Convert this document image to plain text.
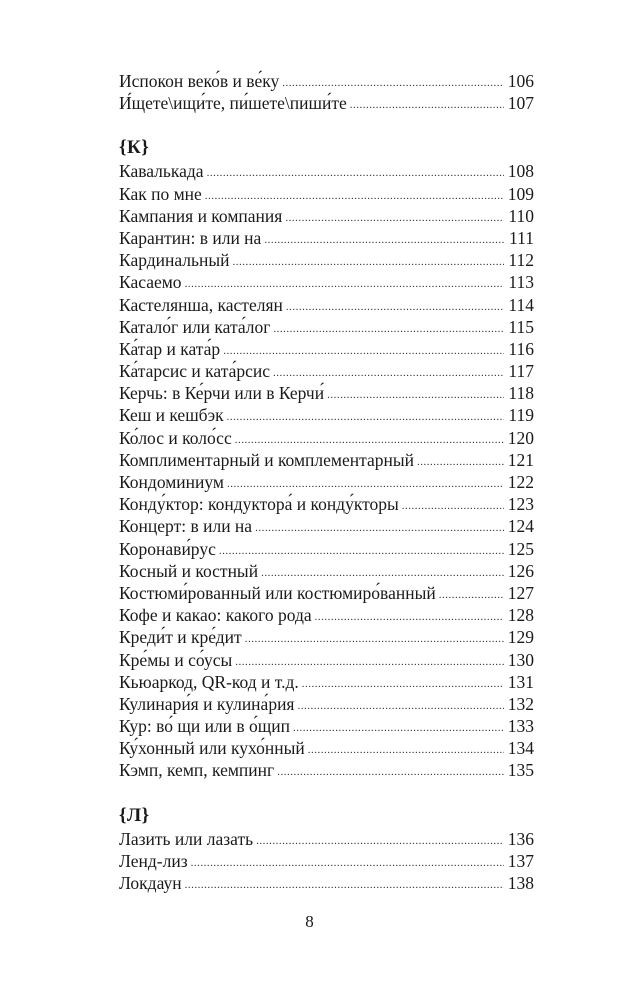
Испокон веко́в и ве́ку .....	106
И́щете\ищи́те, пи́шете\пиши́те .....	107
{К}
Кавалькада .....	108
Как по мне .....	109
Кампания и компания .....	110
Карантин: в или на .....	111
Кардинальный .....	112
Касаемо .....	113
Кастелянша, кастелян .....	114
Катало́г или ката́лог .....	115
Ка́тар и ката́р .....	116
Ка́тарсис и ката́рсис .....	117
Керчь: в Ке́рчи или в Керчи́ .....	118
Кеш и кешбэк .....	119
Ко́лос и коло́сс .....	120
Комплиментарный и комплементарный .....	121
Кондоминиум .....	122
Конду́ктор: кондуктора́ и конду́кторы .....	123
Концерт: в или на .....	124
Коронави́рус .....	125
Косный и костный .....	126
Костюми́рованный или костюмиро́ванный .....	127
Кофе и какао: какого рода .....	128
Креди́т и кре́дит .....	129
Кре́мы и со́усы .....	130
Кьюаркод, QR-код и т.д. .....	131
Кулинари́я и кулина́рия .....	132
Кур: во́ щи или в о́щип .....	133
Ку́хонный или кухо́нный .....	134
Кэмп, кемп, кемпинг .....	135
{Л}
Лазить или лазать .....	136
Ленд-лиз .....	137
Локдаун .....	138
8
